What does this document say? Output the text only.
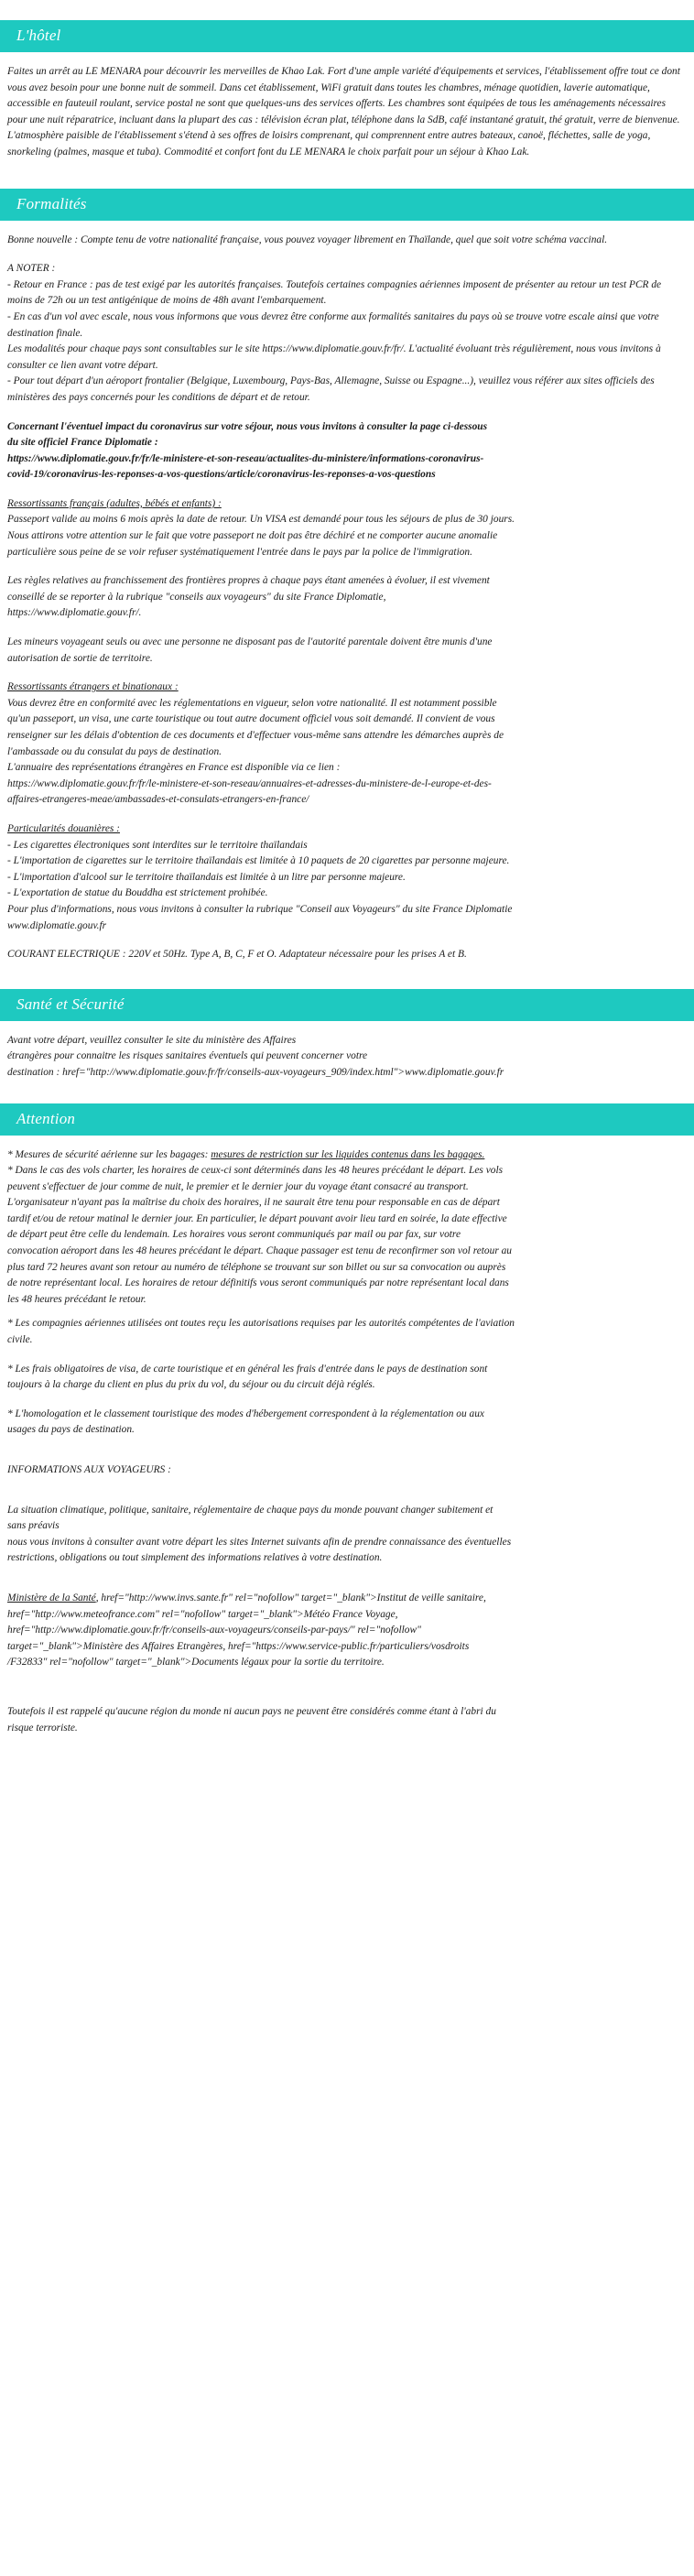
L'hôtel

Faites un arrêt au LE MENARA pour découvrir les merveilles de Khao Lak. Fort d'une ample variété d'équipements et services, l'établissement offre tout ce dont vous avez besoin pour une bonne nuit de sommeil. Dans cet établissement, WiFi gratuit dans toutes les chambres, ménage quotidien, laverie automatique, accessible en fauteuil roulant, service postal ne sont que quelques-uns des services offerts. Les chambres sont équipées de tous les aménagements nécessaires pour une nuit réparatrice, incluant dans la plupart des cas : télévision écran plat, téléphone dans la SdB, café instantané gratuit, thé gratuit, verre de bienvenue. L'atmosphère paisible de l'établissement s'étend à ses offres de loisirs comprenant, qui comprennent entre autres bateaux, canoë, fléchettes, salle de yoga, snorkeling (palmes, masque et tuba). Commodité et confort font du LE MENARA le choix parfait pour un séjour à Khao Lak.

Formalités

Bonne nouvelle : Compte tenu de votre nationalité française, vous pouvez voyager librement en Thaïlande, quel que soit votre schéma vaccinal.

A NOTER :

- Retour en France : pas de test exigé par les autorités françaises. Toutefois certaines compagnies aériennes imposent de présenter au retour un test PCR de moins de 72h ou un test antigénique de moins de 48h avant l'embarquement.

- En cas d'un vol avec escale, nous vous informons que vous devrez être conforme aux formalités sanitaires du pays où se trouve votre escale ainsi que votre destination finale.

Les modalités pour chaque pays sont consultables sur le site https://www.diplomatie.gouv.fr/fr/. L'actualité évoluant très régulièrement, nous vous invitons à consulter ce lien avant votre départ.

- Pour tout départ d'un aéroport frontalier (Belgique, Luxembourg, Pays-Bas, Allemagne, Suisse ou Espagne...), veuillez vous référer aux sites officiels des ministères des pays concernés pour les conditions de départ et de retour.

Concernant l'éventuel impact du coronavirus sur votre séjour, nous vous invitons à consulter la page ci-dessous

du site officiel France Diplomatie :

https://www.diplomatie.gouv.fr/fr/le-ministere-et-son-reseau/actualites-du-ministere/informations-coronavirus-

covid-19/coronavirus-les-reponses-a-vos-questions/article/coronavirus-les-reponses-a-vos-questions

Ressortissants français (adultes, bébés et enfants) :

Passeport valide au moins 6 mois après la date de retour. Un VISA est demandé pour tous les séjours de plus de 30 jours.

Nous attirons votre attention sur le fait que votre passeport ne doit pas être déchiré et ne comporter aucune anomalie

particulière sous peine de se voir refuser systématiquement l'entrée dans le pays par la police de l'immigration.

Les règles relatives au franchissement des frontières propres à chaque pays étant amenées à évoluer, il est vivement

conseillé de se reporter à la rubrique "conseils aux voyageurs" du site France Diplomatie,

https://www.diplomatie.gouv.fr/.

Les mineurs voyageant seuls ou avec une personne ne disposant pas de l'autorité parentale doivent être munis d'une

autorisation de sortie de territoire.

Ressortissants étrangers et binationaux :

Vous devrez être en conformité avec les réglementations en vigueur, selon votre nationalité. Il est notamment possible

qu'un passeport, un visa, une carte touristique ou tout autre document officiel vous soit demandé. Il convient de vous

renseigner sur les délais d'obtention de ces documents et d'effectuer vous-même sans attendre les démarches auprès de

l'ambassade ou du consulat du pays de destination.

L'annuaire des représentations étrangères en France est disponible via ce lien :

https://www.diplomatie.gouv.fr/fr/le-ministere-et-son-reseau/annuaires-et-adresses-du-ministere-de-l-europe-et-des-

affaires-etrangeres-meae/ambassades-et-consulats-etrangers-en-france/

Particularités douanières :

- Les cigarettes électroniques sont interdites sur le territoire thaïlandais

- L'importation de cigarettes sur le territoire thaïlandais est limitée à 10 paquets de 20 cigarettes par personne majeure.

- L'importation d'alcool sur le territoire thaïlandais est limitée à un litre par personne majeure.

- L'exportation de statue du Bouddha est strictement prohibée.

Pour plus d'informations, nous vous invitons à consulter la rubrique "Conseil aux Voyageurs" du site France Diplomatie

www.diplomatie.gouv.fr

COURANT ELECTRIQUE : 220V et 50Hz. Type A, B, C, F et O. Adaptateur nécessaire pour les prises A et B.

Santé et Sécurité

Avant votre départ, veuillez consulter le site du ministère des Affaires

étrangères pour connaitre les risques sanitaires éventuels qui peuvent concerner votre

destination : href="http://www.diplomatie.gouv.fr/fr/conseils-aux-voyageurs_909/index.html">www.diplomatie.gouv.fr

Attention

* Mesures de sécurité aérienne sur les bagages: mesures de restriction sur les liquides contenus dans les bagages.

* Dans le cas des vols charter, les horaires de ceux-ci sont déterminés dans les 48 heures précédant le départ. Les vols

peuvent s'effectuer de jour comme de nuit, le premier et le dernier jour du voyage étant consacré au transport.

L'organisateur n'ayant pas la maîtrise du choix des horaires, il ne saurait être tenu pour responsable en cas de départ

tardif et/ou de retour matinal le dernier jour. En particulier, le départ pouvant avoir lieu tard en soirée, la date effective

de départ peut être celle du lendemain. Les horaires vous seront communiqués par mail ou par fax, sur votre

convocation aéroport dans les 48 heures précédant le départ. Chaque passager est tenu de reconfirmer son vol retour au

plus tard 72 heures avant son retour au numéro de téléphone se trouvant sur son billet ou sur sa convocation ou auprès

de notre représentant local. Les horaires de retour définitifs vous seront communiqués par notre représentant local dans

les 48 heures précédant le retour.

* Les compagnies aériennes utilisées ont toutes reçu les autorisations requises par les autorités compétentes de l'aviation

civile.

* Les frais obligatoires de visa, de carte touristique et en général les frais d'entrée dans le pays de destination sont

toujours à la charge du client en plus du prix du vol, du séjour ou du circuit déjà réglés.

* L'homologation et le classement touristique des modes d'hébergement correspondent à la réglementation ou aux

usages du pays de destination.

INFORMATIONS AUX VOYAGEURS :

La situation climatique, politique, sanitaire, réglementaire de chaque pays du monde pouvant changer subitement et

sans préavis

nous vous invitons à consulter avant votre départ les sites Internet suivants afin de prendre connaissance des éventuelles

restrictions, obligations ou tout simplement des informations relatives à votre destination.

Ministère de la Santé, href="http://www.invs.sante.fr" rel="nofollow" target="_blank">Institut de veille sanitaire,

href="http://www.meteofrance.com" rel="nofollow" target="_blank">Météo France Voyage,

href="http://www.diplomatie.gouv.fr/fr/conseils-aux-voyageurs/conseils-par-pays/" rel="nofollow"

target="_blank">Ministère des Affaires Etrangères, href="https://www.service-public.fr/particuliers/vosdroits

/F32833" rel="nofollow" target="_blank">Documents légaux pour la sortie du territoire.

Toutefois il est rappelé qu'aucune région du monde ni aucun pays ne peuvent être considérés comme étant à l'abri du

risque terroriste.
